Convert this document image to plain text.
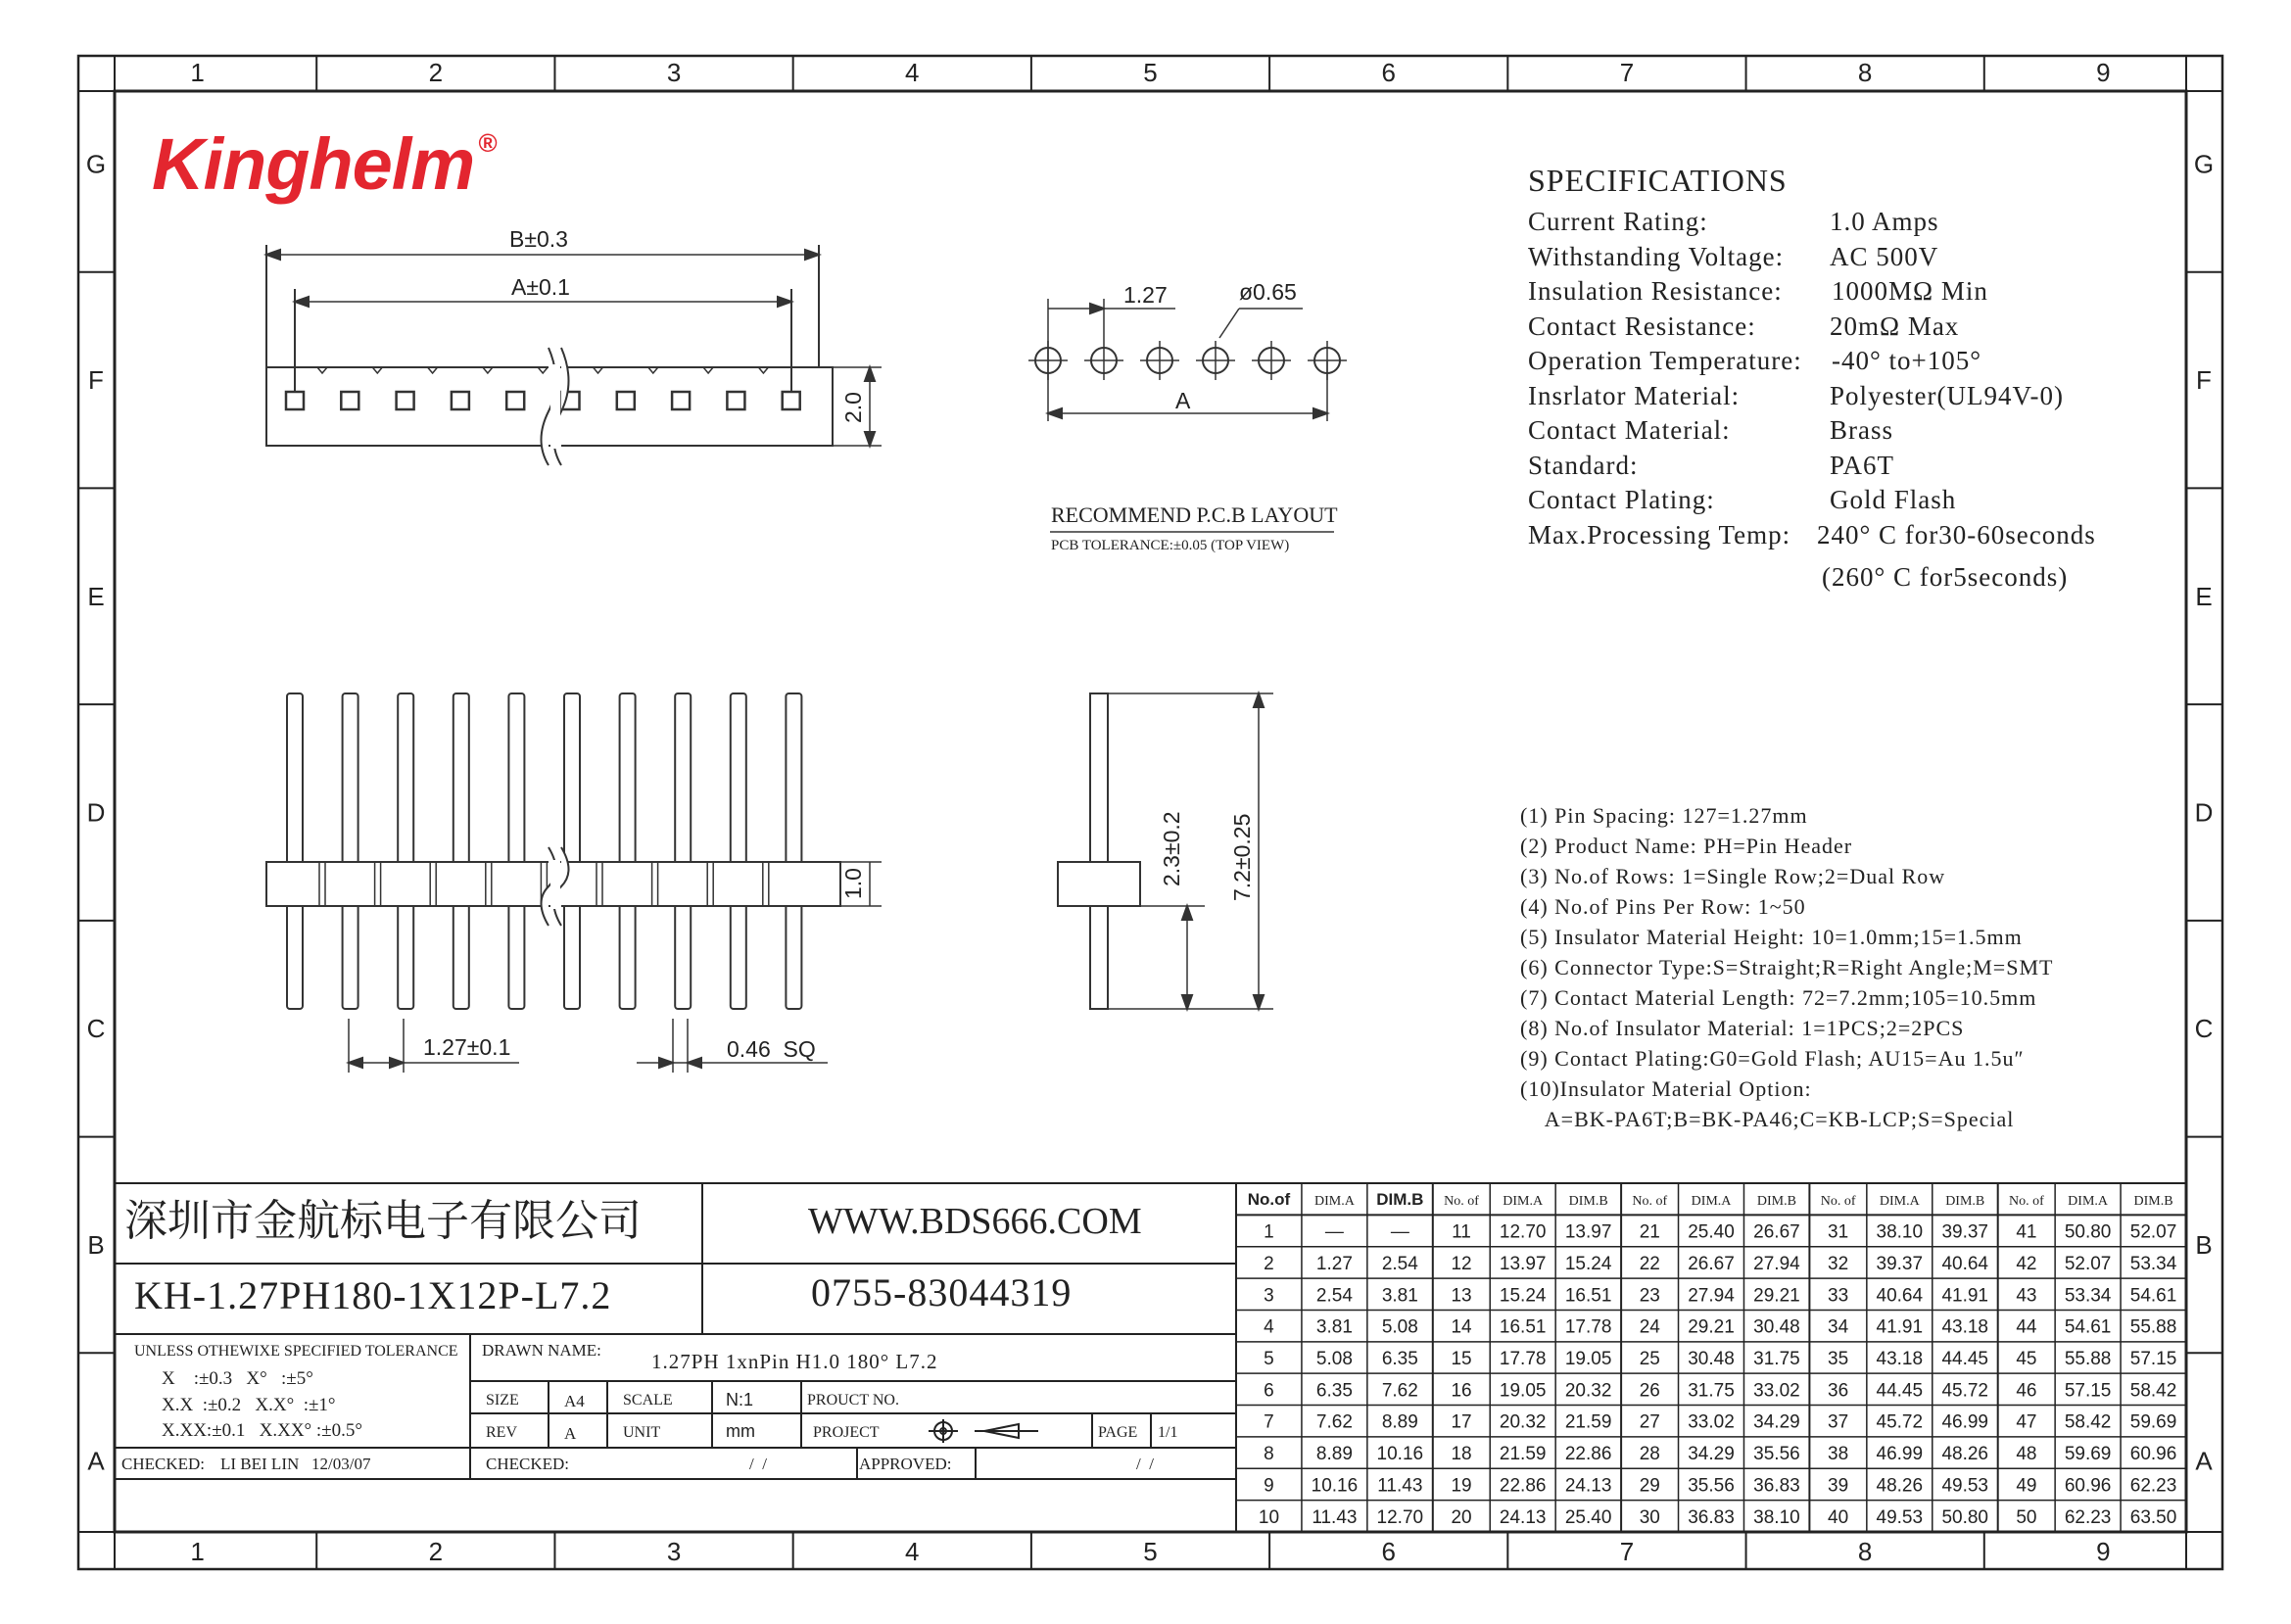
1
1
2
2
3
3
4
4
5
5
6
6
7
7
8
8
9
9
G	G
F	F
E	E
D	D
C	C
B	B
A	A
No.of DIM.A DIM.B No. of DIM.A DIM.B No. of DIM.A DIM.B No. of DIM.A DIM.B No. of DIM.A DIM.B
1	—	— 11 12.70 13.97 21 25.40 26.67 31 38.10 39.37 41 50.80 52.07
2 1.27 2.54 12 13.97 15.24 22 26.67 27.94 32 39.37 40.64 42 52.07 53.34
3 2.54 3.81 13 15.24 16.51 23 27.94 29.21 33 40.64 41.91 43 53.34 54.61
4 3.81 5.08 14 16.51 17.78 24 29.21 30.48 34 41.91 43.18 44 54.61 55.88
5 5.08 6.35 15 17.78 19.05 25 30.48 31.75 35 43.18 44.45 45 55.88 57.15
6 6.35 7.62 16 19.05 20.32 26 31.75 33.02 36 44.45 45.72 46 57.15 58.42
7 7.62 8.89 17 20.32 21.59 27 33.02 34.29 37 45.72 46.99 47 58.42 59.69
8 8.89 10.16 18 21.59 22.86 28 34.29 35.56 38 46.99 48.26 48 59.69 60.96
9 10.16 11.43 19 22.86 24.13 29 35.56 36.83 39 48.26 49.53 49 60.96 62.23
10 11.43 12.70 20 24.13 25.40 30 36.83 38.10 40 49.53 50.80 50 62.23 63.50
Kinghelm ®
B±0.3
A±0.1
2.0
1.27	ø0.65
A
1.0
1.27±0.1	0.46  SQ
2.3±0.2 7.2±0.25
RECOMMEND P.C.B LAYOUT
PCB TOLERANCE:±0.05 (TOP VIEW)
SPECIFICATIONS
Current Rating:	1.0 Amps
Withstanding Voltage: AC 500V
Insulation Resistance: 1000MΩ Min
Contact Resistance:	20mΩ Max
Operation Temperature: -40° to+105°
Insrlator Material:	Polyester(UL94V-0)
Contact Material:	Brass
Standard:	PA6T
Contact Plating:	Gold Flash
Max.Processing Temp: 240° C for30-60seconds
(260° C for5seconds)
(1) Pin Spacing: 127=1.27mm
(2) Product Name: PH=Pin Header
(3) No.of Rows: 1=Single Row;2=Dual Row
(4) No.of Pins Per Row: 1~50
(5) Insulator Material Height: 10=1.0mm;15=1.5mm
(6) Connector Type:S=Straight;R=Right Angle;M=SMT
(7) Contact Material Length: 72=7.2mm;105=10.5mm
(8) No.of Insulator Material: 1=1PCS;2=2PCS
(9) Contact Plating:G0=Gold Flash; AU15=Au 1.5u″
(10)Insulator Material Option:
A=BK-PA6T;B=BK-PA46;C=KB-LCP;S=Special
深圳市金航标电子有限公司	WWW.BDS666.COM
KH-1.27PH180-1X12P-L7.2	0755-83044319
UNLESS OTHEWIXE SPECIFIED TOLERANCE
X    :±0.3   X°   :±5°
X.X  :±0.2   X.X°  :±1°
X.XX:±0.1   X.XX° :±0.5°
DRAWN NAME: 1.27PH 1xnPin H1.0 180° L7.2
SIZE	A4 SCALE	N:1	PROUCT NO.
REV	A	UNIT	mm	PROJECT	PAGE 1/1
CHECKED: LI BEI LIN   12/03/07	CHECKED:	/  /	APPROVED:	/  /
